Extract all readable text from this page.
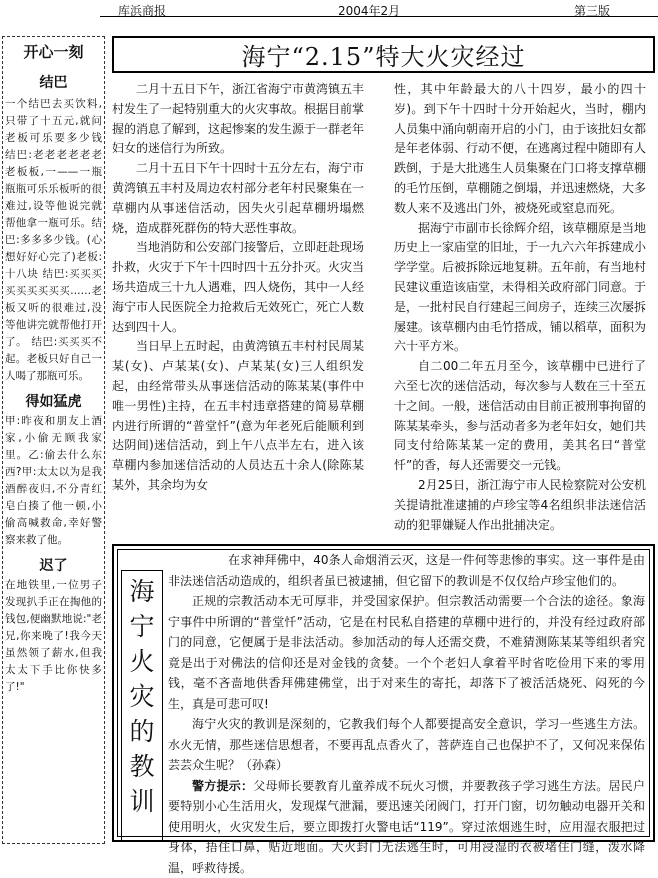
库浜商报	2004年2月	第三版
开心一刻
结巴
一个结巴去买饮料,只带了十五元,就问老板可乐要多少钱 结巴:老老老老老老老板板,一——一瓶瓶瓶可乐乐板听的很难过,设等他说完就帮他拿一瓶可乐。结巴:多多多少钱。(心想好好心完了)老板:十八块 结巴:买买买买买买买买买……老板又听的很难过,没等他讲完就帮他打开了。 结巴:买买买不起。老板只好自己一人喝了那瓶可乐。
得如猛虎
甲:昨夜和朋友上酒家,小偷无顾我家里。乙:偷去什么东西?甲:太太以为是我酒醉夜归,不分青红皂白揍了他一顿,小偷高喊救命,幸好警察来救了他。
迟了
在地铁里,一位男子发现扒手正在掏他的钱包,便幽默地说:"老兄,你来晚了!我今天虽然领了薪水,但我太太下手比你快多了!"
海宁“2.15”特大火灾经过

二月十五日下午，浙江省海宁市黄湾镇五丰村发生了一起特别重大的火灾事故。根据目前掌握的消息了解到，这起惨案的发生源于一群老年妇女的迷信行为所致。

二月十五日下午十四时十五分左右，海宁市黄湾镇五丰村及周边农村部分老年村民聚集在一草棚内从事迷信活动，因失火引起草棚坍塌燃烧，造成群死群伤的特大恶性事故。

当地消防和公安部门接警后，立即赶赴现场扑救，火灾于下午十四时四十五分扑灭。火灾当场共造成三十九人遇难，四人烧伤，其中一人经海宁市人民医院全力抢救后无效死亡，死亡人数达到四十人。

当日早上五时起，由黄湾镇五丰村村民周某某(女)、卢某某(女)、卢某某(女)三人组织发起，由经常带头从事迷信活动的陈某某(事件中唯一男性)主持，在五丰村违章搭建的简易草棚内进行所谓的“普堂忏”(意为年老死后能顺利到达阴间)迷信活动，到上午八点半左右，进入该草棚内参加迷信活动的人员达五十余人(除陈某某外，其余均为女

性，其中年龄最大的八十四岁，最小的四十岁)。到下午十四时十分开始起火，当时，棚内人员集中涌向朝南开启的小门，由于该批妇女都是年老体弱、行动不便，在逃离过程中随即有人跌倒，于是大批逃生人员集聚在门口将支撑草棚的毛竹压倒，草棚随之倒塌，并迅速燃烧，大多数人来不及逃出门外，被烧死或窒息而死。

据海宁市副市长徐辉介绍，该草棚原是当地历史上一家庙堂的旧址，于一九六六年拆建成小学学堂。后被拆除远地复耕。五年前，有当地村民建议重造该庙堂，未得相关政府部门同意。于是，一批村民自行建起三间房子，连续三次屡拆屡建。该草棚内由毛竹搭成，铺以稻草，面积为六十平方米。

自二00二年五月至今，该草棚中已进行了六至七次的迷信活动，每次参与人数在三十至五十之间。一般，迷信活动由目前正被刑事拘留的陈某某牵头，参与活动者多为老年妇女，她们共同支付给陈某某一定的费用，美其名曰“普堂忏”的香，每人还需要交一元钱。

2月25日，浙江海宁市人民检察院对公安机关提请批准逮捕的卢珍宝等4名组织非法迷信活动的犯罪嫌疑人作出批捕决定。

海宁火灾的教训

在求神拜佛中，40条人命烟消云灭，这是一件何等悲惨的事实。这一事件是由非法迷信活动造成的，组织者虽已被逮捕，但它留下的教训是不仅仅给卢珍宝他们的。

正规的宗教活动本无可厚非，并受国家保护。但宗教活动需要一个合法的途径。象海宁事件中所谓的“普堂忏”活动，它是在村民私自搭建的草棚中进行的，并没有经过政府部门的同意，它便属于是非法活动。参加活动的每人还需交费，不难猜测陈某某等组织者究竟是出于对佛法的信仰还是对金钱的贪婪。一个个老妇人拿着平时省吃俭用下来的零用钱，毫不吝啬地供香拜佛建佛堂，出于对来生的寄托，却落下了被活活烧死、闷死的今生，真是可悲可叹!

海宁火灾的教训是深刻的，它教我们每个人都要提高安全意识，学习一些逃生方法。水火无情，那些迷信思想者，不要再乱点香火了，菩萨连自己也保护不了，又何况来保佑芸芸众生呢？（孙森）

警方提示：父母师长要教育儿童养成不玩火习惯，并要教孩子学习逃生方法。居民户要特别小心生活用火，发现煤气泄漏，要迅速关闭阀门，打开门窗，切勿触动电器开关和使用明火，火灾发生后，要立即拨打火警电话“119”。穿过浓烟逃生时，应用湿衣服把过身体，捂住口鼻，贴近地面。大火封门无法逃生时，可用浸湿的衣被堵住门缝，泼水降温，呼救待援。
